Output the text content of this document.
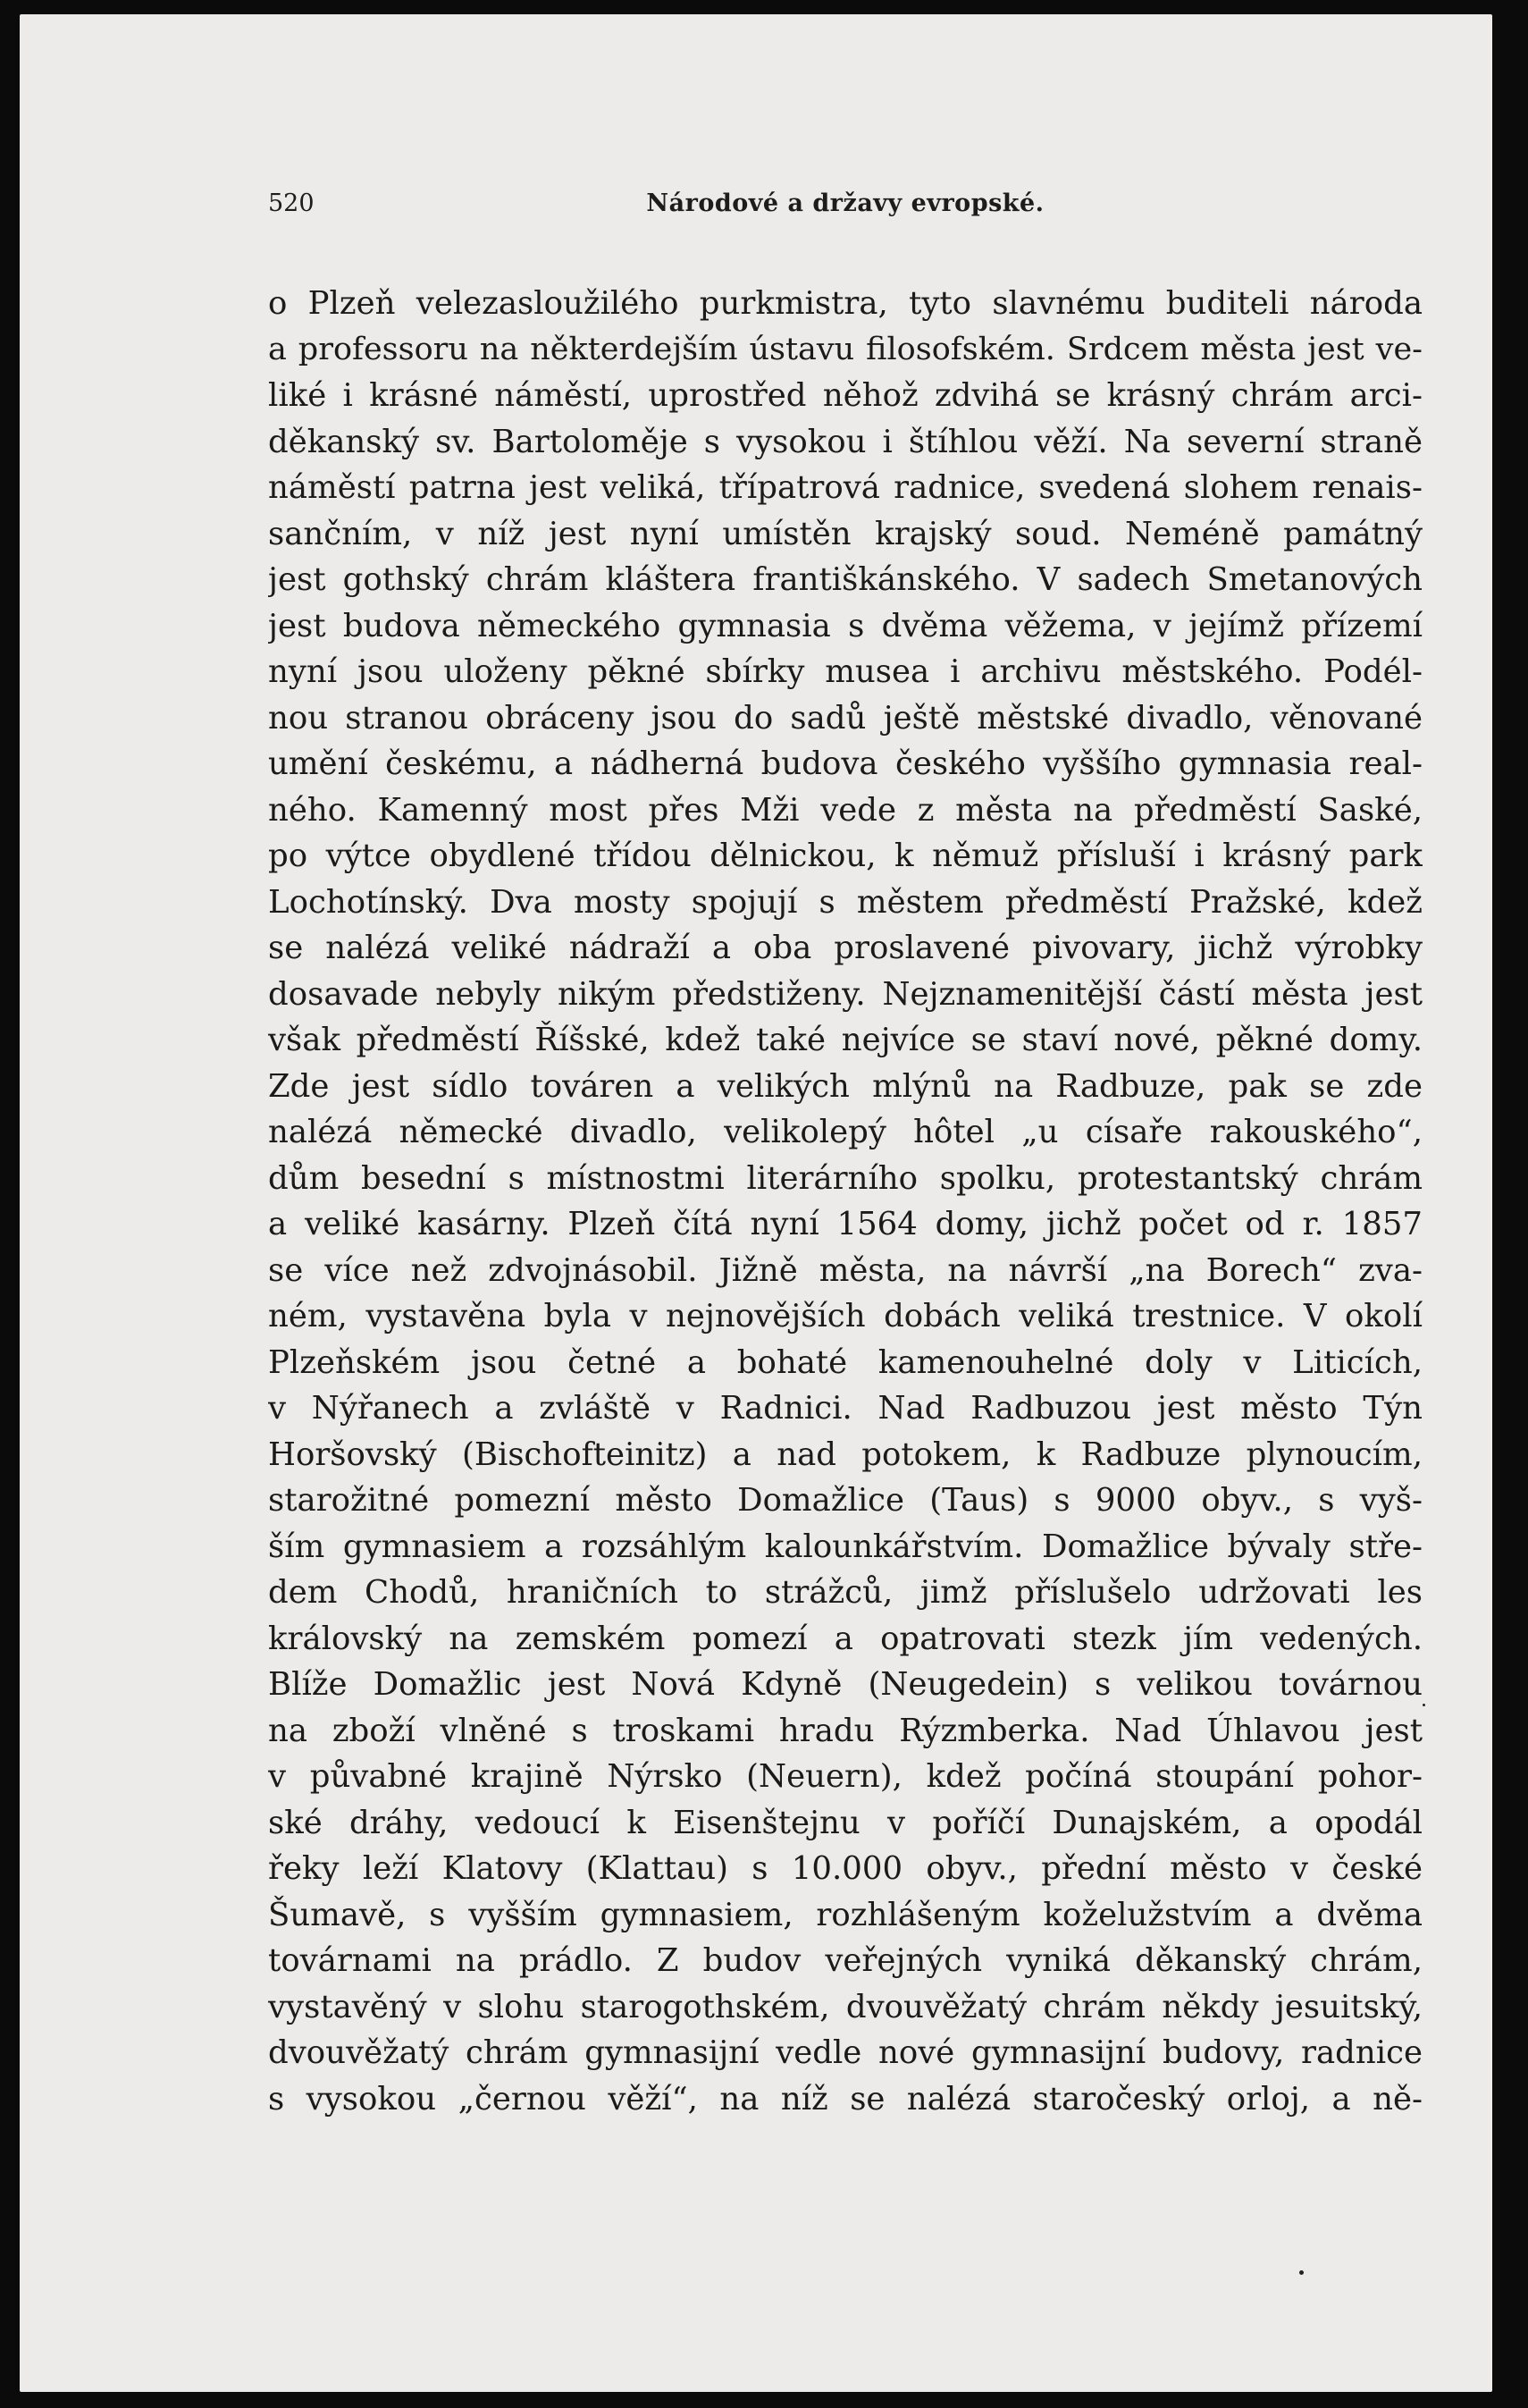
520	Národové a državy evropské.
o Plzeň velezasloužilého purkmistra, tyto slavnému buditeli národa
a professoru na některdejším ústavu filosofském. Srdcem města jest ve-
liké i krásné náměstí, uprostřed něhož zdvihá se krásný chrám arci-
děkanský sv. Bartoloměje s vysokou i štíhlou věží. Na severní straně
náměstí patrna jest veliká, třípatrová radnice, svedená slohem renais-
sančním, v níž jest nyní umístěn krajský soud. Neméně památný
jest gothský chrám kláštera františkánského. V sadech Smetanových
jest budova německého gymnasia s dvěma věžema, v jejímž přízemí
nyní jsou uloženy pěkné sbírky musea i archivu městského. Podél-
nou stranou obráceny jsou do sadů ještě městské divadlo, věnované
umění českému, a nádherná budova českého vyššího gymnasia real-
ného. Kamenný most přes Mži vede z města na předměstí Saské,
po výtce obydlené třídou dělnickou, k němuž přísluší i krásný park
Lochotínský. Dva mosty spojují s městem předměstí Pražské, kdež
se nalézá veliké nádraží a oba proslavené pivovary, jichž výrobky
dosavade nebyly nikým předstiženy. Nejznamenitější částí města jest
však předměstí Říšské, kdež také nejvíce se staví nové, pěkné domy.
Zde jest sídlo továren a velikých mlýnů na Radbuze, pak se zde
nalézá německé divadlo, velikolepý hôtel „u císaře rakouského“,
dům besední s místnostmi literárního spolku, protestantský chrám
a veliké kasárny. Plzeň čítá nyní 1564 domy, jichž počet od r. 1857
se více než zdvojnásobil. Jižně města, na návrší „na Borech“ zva-
ném, vystavěna byla v nejnovějších dobách veliká trestnice. V okolí
Plzeňském jsou četné a bohaté kamenouhelné doly v Liticích,
v Nýřanech a zvláště v Radnici. Nad Radbuzou jest město Týn
Horšovský (Bischofteinitz) a nad potokem, k Radbuze plynoucím,
starožitné pomezní město Domažlice (Taus) s 9000 obyv., s vyš-
ším gymnasiem a rozsáhlým kalounkářstvím. Domažlice bývaly stře-
dem Chodů, hraničních to strážců, jimž příslušelo udržovati les
královský na zemském pomezí a opatrovati stezk jím vedených.
Blíže Domažlic jest Nová Kdyně (Neugedein) s velikou továrnou
na zboží vlněné s troskami hradu Rýzmberka. Nad Úhlavou jest
v půvabné krajině Nýrsko (Neuern), kdež počíná stoupání pohor-
ské dráhy, vedoucí k Eisenštejnu v poříčí Dunajském, a opodál
řeky leží Klatovy (Klattau) s 10.000 obyv., přední město v české
Šumavě, s vyšším gymnasiem, rozhlášeným koželužstvím a dvěma
továrnami na prádlo. Z budov veřejných vyniká děkanský chrám,
vystavěný v slohu starogothském, dvouvěžatý chrám někdy jesuitský,
dvouvěžatý chrám gymnasijní vedle nové gymnasijní budovy, radnice
s vysokou „černou věží“, na níž se nalézá staročeský orloj, a ně-
